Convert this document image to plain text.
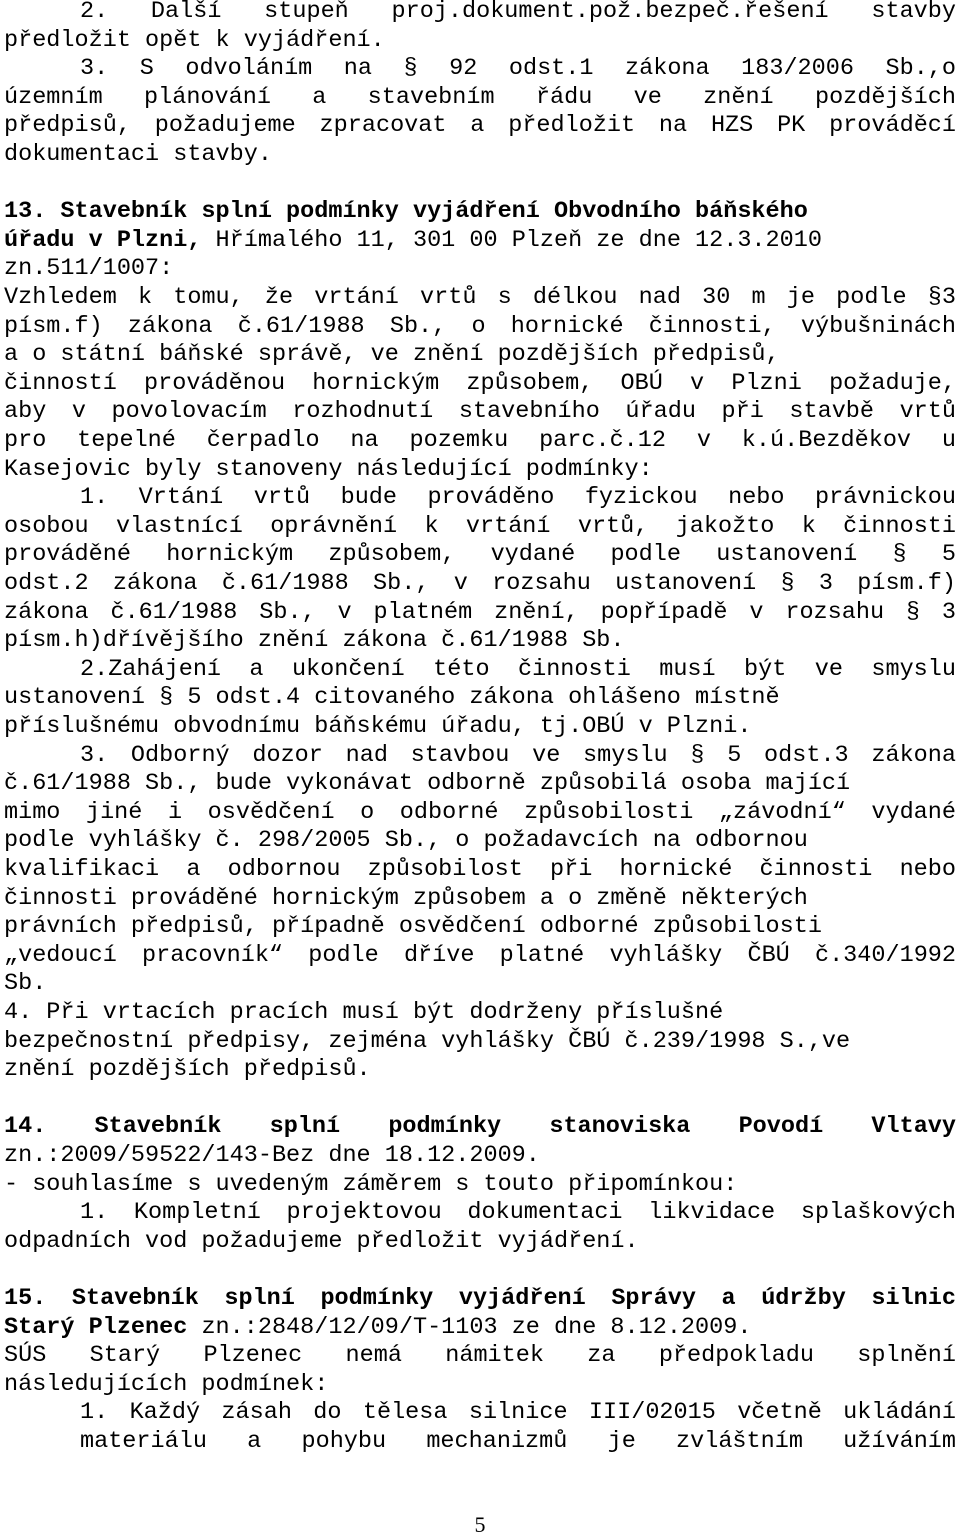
2. Další stupeň proj.dokument.pož.bezpeč.řešení stavby
předložit opět k vyjádření.
3. S odvoláním na § 92 odst.1 zákona 183/2006 Sb.,o
územním plánování a stavebním řádu ve znění pozdějších
předpisů, požadujeme zpracovat a předložit na HZS PK prováděcí
dokumentaci stavby.
13. Stavebník splní podmínky vyjádření Obvodního báňského
úřadu v Plzni, Hřímalého 11, 301 00 Plzeň ze dne 12.3.2010
zn.511/1007:
Vzhledem k tomu, že vrtání vrtů s délkou nad 30 m je podle §3
písm.f) zákona č.61/1988 Sb., o hornické činnosti, výbušninách
a o státní báňské správě, ve znění pozdějších předpisů,
činností prováděnou hornickým způsobem, OBÚ v Plzni požaduje,
aby v povolovacím rozhodnutí stavebního úřadu při stavbě vrtů
pro tepelné čerpadlo na pozemku parc.č.12 v k.ú.Bezděkov u
Kasejovic byly stanoveny následující podmínky:
1. Vrtání vrtů bude prováděno fyzickou nebo právnickou
osobou vlastnící oprávnění k vrtání vrtů, jakožto k činnosti
prováděné hornickým způsobem, vydané podle ustanovení § 5
odst.2 zákona č.61/1988 Sb., v rozsahu ustanovení § 3 písm.f)
zákona č.61/1988 Sb., v platném znění, popřípadě v rozsahu § 3
písm.h)dřívějšího znění zákona č.61/1988 Sb.
2.Zahájení a ukončení této činnosti musí být ve smyslu
ustanovení § 5 odst.4 citovaného zákona ohlášeno místně
příslušnému obvodnímu báňskému úřadu, tj.OBÚ v Plzni.
3. Odborný dozor nad stavbou ve smyslu § 5 odst.3 zákona
č.61/1988 Sb., bude vykonávat odborně způsobilá osoba mající
mimo jiné i osvědčení o odborné způsobilosti „závodní“ vydané
podle vyhlášky č. 298/2005 Sb., o požadavcích na odbornou
kvalifikaci a odbornou způsobilost při hornické činnosti nebo
činnosti prováděné hornickým způsobem a o změně některých
právních předpisů, případně osvědčení odborné způsobilosti
„vedoucí pracovník“ podle dříve platné vyhlášky ČBÚ č.340/1992
Sb.
4. Při vrtacích pracích musí být dodrženy příslušné
bezpečnostní předpisy, zejména vyhlášky ČBÚ č.239/1998 S.,ve
znění pozdějších předpisů.
14. Stavebník splní podmínky stanoviska Povodí Vltavy
zn.:2009/59522/143-Bez dne 18.12.2009.
- souhlasíme s uvedeným záměrem s touto připomínkou:
1. Kompletní projektovou dokumentaci likvidace splaškových
odpadních vod požadujeme předložit vyjádření.
15. Stavebník splní podmínky vyjádření Správy a údržby silnic
Starý Plzenec zn.:2848/12/09/T-1103 ze dne 8.12.2009.
SÚS Starý Plzenec nemá námitek za předpokladu splnění
následujících podmínek:
1. Každý zásah do tělesa silnice III/02015 včetně ukládání
materiálu a pohybu mechanizmů je zvláštním užíváním
5
